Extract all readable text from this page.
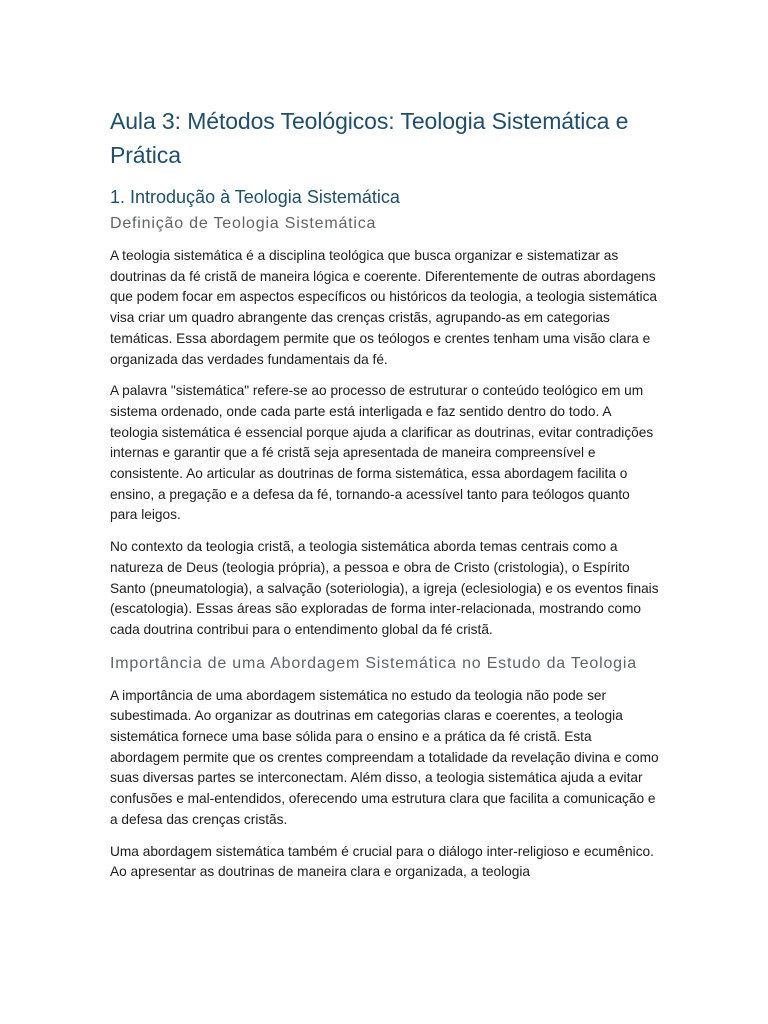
Aula 3: Métodos Teológicos: Teologia Sistemática e Prática
1. Introdução à Teologia Sistemática
Definição de Teologia Sistemática

A teologia sistemática é a disciplina teológica que busca organizar e sistematizar as doutrinas da fé cristã de maneira lógica e coerente. Diferentemente de outras abordagens que podem focar em aspectos específicos ou históricos da teologia, a teologia sistemática visa criar um quadro abrangente das crenças cristãs, agrupando-as em categorias temáticas. Essa abordagem permite que os teólogos e crentes tenham uma visão clara e organizada das verdades fundamentais da fé.

A palavra "sistemática" refere-se ao processo de estruturar o conteúdo teológico em um sistema ordenado, onde cada parte está interligada e faz sentido dentro do todo. A teologia sistemática é essencial porque ajuda a clarificar as doutrinas, evitar contradições internas e garantir que a fé cristã seja apresentada de maneira compreensível e consistente. Ao articular as doutrinas de forma sistemática, essa abordagem facilita o ensino, a pregação e a defesa da fé, tornando-a acessível tanto para teólogos quanto para leigos.

No contexto da teologia cristã, a teologia sistemática aborda temas centrais como a natureza de Deus (teologia própria), a pessoa e obra de Cristo (cristologia), o Espírito Santo (pneumatologia), a salvação (soteriologia), a igreja (eclesiologia) e os eventos finais (escatologia). Essas áreas são exploradas de forma inter-relacionada, mostrando como cada doutrina contribui para o entendimento global da fé cristã.

Importância de uma Abordagem Sistemática no Estudo da Teologia

A importância de uma abordagem sistemática no estudo da teologia não pode ser subestimada. Ao organizar as doutrinas em categorias claras e coerentes, a teologia sistemática fornece uma base sólida para o ensino e a prática da fé cristã. Esta abordagem permite que os crentes compreendam a totalidade da revelação divina e como suas diversas partes se interconectam. Além disso, a teologia sistemática ajuda a evitar confusões e mal-entendidos, oferecendo uma estrutura clara que facilita a comunicação e a defesa das crenças cristãs.

Uma abordagem sistemática também é crucial para o diálogo inter-religioso e ecumênico. Ao apresentar as doutrinas de maneira clara e organizada, a teologia
